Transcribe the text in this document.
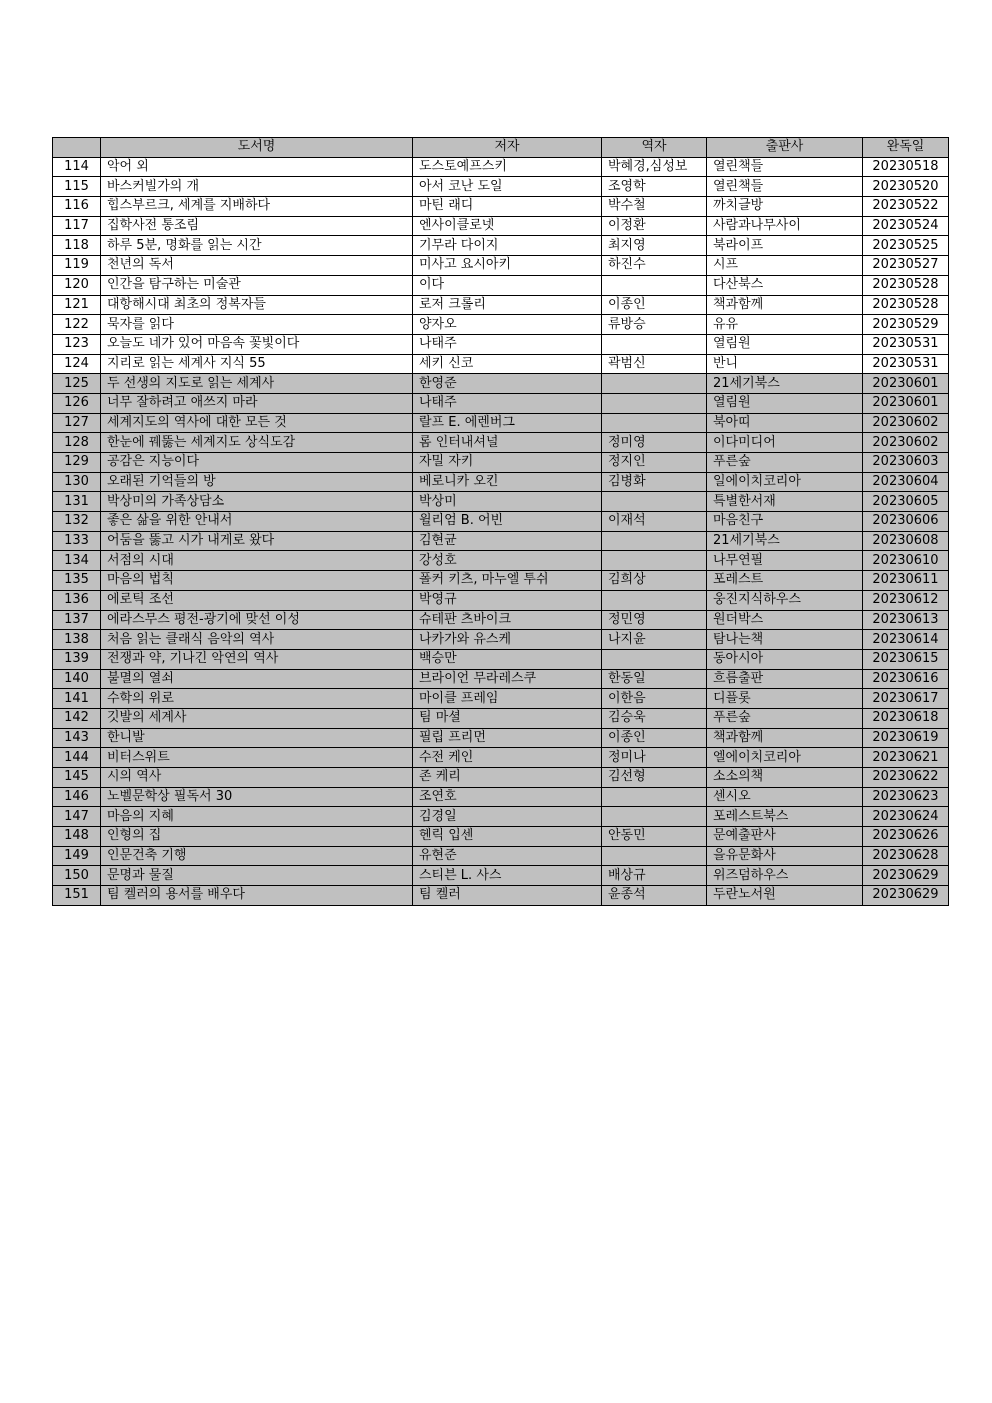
	도서명	저자	역자	출판사	완독일
114	악어 외	도스토예프스키	박혜경,심성보	열린책들	20230518
115	바스커빌가의 개	아서 코난 도일	조영학	열린책들	20230520
116	힙스부르크, 세계를 지배하다	마틴 래디	박수철	까치글방	20230522
117	집학사전 통조림	엔사이클로넷	이정환	사람과나무사이	20230524
118	하루 5분, 명화를 읽는 시간	기무라 다이지	최지영	북라이프	20230525
119	천년의 독서	미사고 요시아키	하진수	시프	20230527
120	인간을 탐구하는 미술관	이다		다산북스	20230528
121	대항해시대 최초의 정복자들	로저 크롤리	이종인	책과함께	20230528
122	묵자를 읽다	양자오	류방승	유유	20230529
123	오늘도 네가 있어 마음속 꽃빛이다	나태주		열림원	20230531
124	지리로 읽는 세계사 지식 55	세키 신코	곽범신	반니	20230531
125	두 선생의 지도로 읽는 세계사	한영준		21세기북스	20230601
126	너무 잘하려고 애쓰지 마라	나태주		열림원	20230601
127	세계지도의 역사에 대한 모든 것	랄프 E. 에렌버그		북아띠	20230602
128	한눈에 꿰뚫는 세계지도 상식도감	롬 인터내셔널	정미영	이다미디어	20230602
129	공감은 지능이다	자밀 자키	정지인	푸른숲	20230603
130	오래된 기억들의 방	베로니카 오킨	김병화	일에이치코리아	20230604
131	박상미의 가족상담소	박상미		특별한서재	20230605
132	좋은 삶을 위한 안내서	윌리엄 B. 어빈	이재석	마음친구	20230606
133	어둠을 뚫고 시가 내게로 왔다	김현균		21세기북스	20230608
134	서점의 시대	강성호		나무연필	20230610
135	마음의 법칙	폴커 키츠, 마누엘 투쉬	김희상	포레스트	20230611
136	에로틱 조선	박영규		웅진지식하우스	20230612
137	에라스무스 평전-광기에 맞선 이성	슈테판 츠바이크	정민영	원더박스	20230613
138	처음 읽는 클래식 음악의 역사	나카가와 유스케	나지윤	탐나는책	20230614
139	전쟁과 약, 기나긴 악연의 역사	백승만		동아시아	20230615
140	불멸의 열쇠	브라이언 무라레스쿠	한동일	흐름출판	20230616
141	수학의 위로	마이클 프레임	이한음	디플롯	20230617
142	깃발의 세계사	팀 마셜	김승욱	푸른숲	20230618
143	한니발	필립 프리먼	이종인	책과함께	20230619
144	비터스위트	수전 케인	정미나	엘에이치코리아	20230621
145	시의 역사	존 케리	김선형	소소의책	20230622
146	노벨문학상 필독서 30	조연호		센시오	20230623
147	마음의 지혜	김경일		포레스트북스	20230624
148	인형의 집	헨릭 입센	안동민	문예출판사	20230626
149	인문건축 기행	유현준		을유문화사	20230628
150	문명과 물질	스티븐 L. 사스	배상규	위즈덤하우스	20230629
151	팀 켈러의 용서를 배우다	팀 켈러	윤종석	두란노서원	20230629
